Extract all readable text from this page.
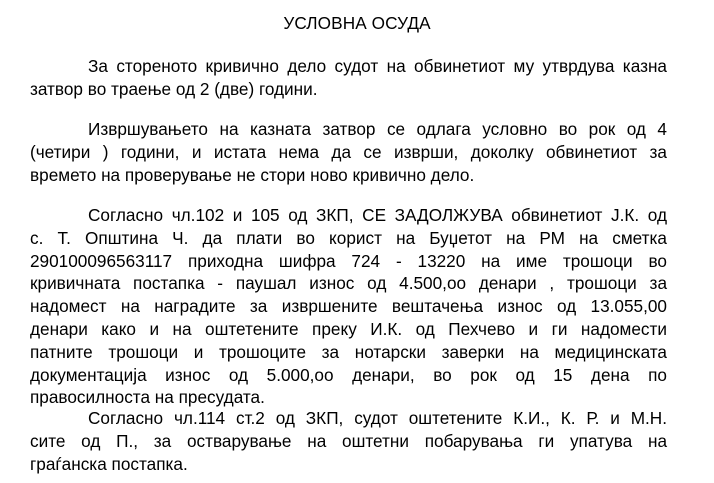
УСЛОВНА ОСУДА
За стореното кривично дело судот на обвинетиот му утврдува казна
затвор во траење од 2 (две) години.
Извршувањето на казната затвор се одлага условно во рок од 4
(четири ) години, и истата нема да се изврши, доколку обвинетиот за
времето на проверување не стори ново кривично дело.
Согласно чл.102 и 105 од ЗКП, СЕ ЗАДОЛЖУВА обвинетиот Ј.К. од
с. Т. Општина Ч. да плати во корист на Буџетот на РМ на сметка
290100096563117 приходна шифра 724 - 13220 на име трошоци во
кривичната постапка - паушал износ од 4.500,оо денари , трошоци за
надомест на наградите за извршените вештачења износ од 13.055,00
денари како и на оштетените преку И.К. од Пехчево и ги надомести
патните трошоци и трошоците за нотарски заверки на медицинската
документација износ од 5.000,оо денари, во рок од 15 дена по
правосилноста на пресудата.
Согласно чл.114 ст.2 од ЗКП, судот оштетените К.И., К. Р. и М.Н.
сите од П., за остварување на оштетни побарувања ги упатува на
граѓанска постапка.
